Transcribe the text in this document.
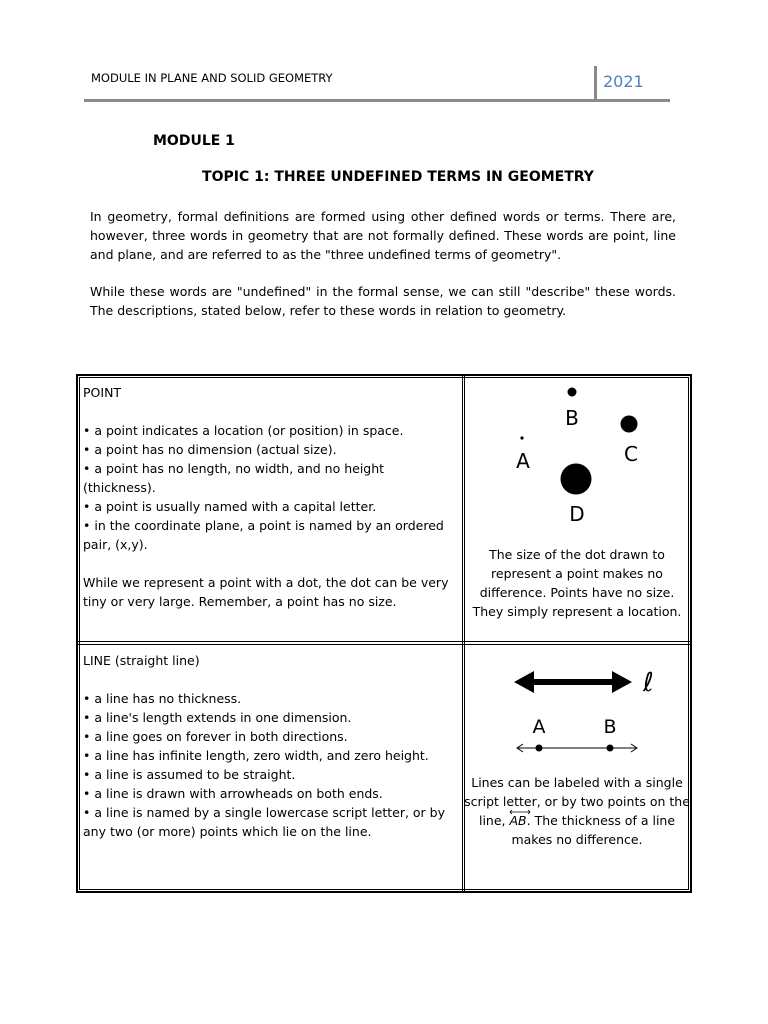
MODULE IN PLANE AND SOLID GEOMETRY	2021
MODULE 1
TOPIC 1: THREE UNDEFINED TERMS IN GEOMETRY
In geometry, formal definitions are formed using other defined words or terms. There are, however, three words in geometry that are not formally defined. These words are point, line and plane, and are referred to as the "three undefined terms of geometry".
While these words are "undefined" in the formal sense, we can still "describe" these words. The descriptions, stated below, refer to these words in relation to geometry.
POINT
• a point indicates a location (or position) in space.
• a point has no dimension (actual size).
• a point has no length, no width, and no height (thickness).
• a point is usually named with a capital letter.
• in the coordinate plane, a point is named by an ordered pair, (x,y).
While we represent a point with a dot, the dot can be very tiny or very large. Remember, a point has no size.
B
C
A
D
The size of the dot drawn to represent a point makes no difference. Points have no size. They simply represent a location.
LINE (straight line)
• a line has no thickness.
• a line's length extends in one dimension.
• a line goes on forever in both directions.
• a line has infinite length, zero width, and zero height.
• a line is assumed to be straight.
• a line is drawn with arrowheads on both ends.
• a line is named by a single lowercase script letter, or by any two (or more) points which lie on the line.
ℓ
A	B
Lines can be labeled with a single script letter, or by two points on the line,
AB. The thickness of a line makes no difference.
